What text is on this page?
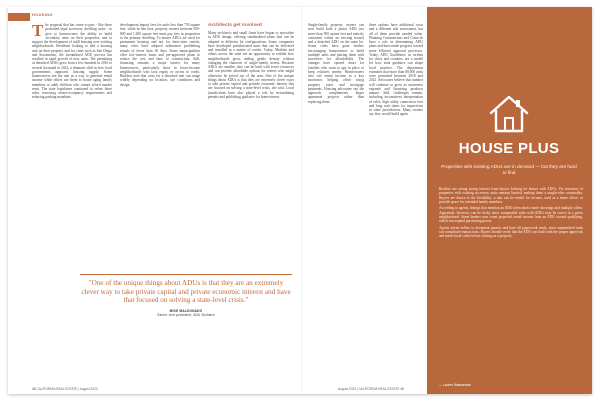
HOUSING
T he proposal that has come to pass - like these permitted legal accessory dwelling units - to give to homeowners the ability to build secondary units on their properties, and to support the development of infill housing over existing neighborhoods. Residents looking to add a housing unit on their property and for cities such as San Diego and Sacramento, the streamlined ADU process has resulted in rapid growth of new units. The permitting of detached ADUs grew from a few hundred in 2016 to several thousand in 2022, a dramatic shift in how local governments approach housing supply. Some homeowners see the unit as a way to generate rental income while others use them to house aging family members or adult children who cannot afford market rents. The state legislature continued to refine these rules, removing owner-occupancy requirements and reducing parking mandates.

development impact fees for units less than 750 square feet, while in San Jose, property owners between 500-800 and 1,200 square feet must pay fees in proportion to the primary dwelling. To ensure ADUs are used for permanent housing and not for short-term rentals, many cities have adopted ordinances prohibiting rentals of fewer than 30 days. Some municipalities offer low-interest loans and pre-approved plans to reduce the cost and time of construction. Still, financing remains a major barrier for many homeowners, particularly those in lower-income neighborhoods who lack equity or access to credit. Builders note that costs for a detached unit can range widely depending on location, site conditions and design.

Architects get involved

Many architects and small firms have begun to specialize in ADU design, offering standardized plans that can be adapted to different lot configurations. Some companies have developed prefabricated units that can be delivered and installed in a matter of weeks. Today, Mathieu and others across the state see an opportunity to rethink how neighborhoods grow, adding gentle density without changing the character of single-family streets. Because ADUs are smaller, they can be built with fewer resources and can provide affordable options for renters who might otherwise be priced out of the area. One of the unique things about ADUs is that they are extremely clever ways to take private capital and provide economic interest that are focused on solving a state-level crisis, she said. Local jurisdictions have also played a role by streamlining permits and publishing guidance for homeowners.

"One of the unique things about ADUs is that they are an extremely clever way to take private capital and private economic interest and have that focused on solving a state-level crisis."
MIKE MALDONADO
Senior vice president, ADU Builders
48 CALIFORNIA REAL ESTATE | August 2023

Single-family property owners can now build both a junior ADU (no more than 500 square feet and entirely contained within an existing house) and a detached ADU on the same lot. Some cities have gone further, encouraging homeowners to build multiple units and pairing them with incentives for affordability. The changes have opened doors for families who want to age in place or keep relatives nearby. Homeowners also cite rental income as a key motivator, helping offset rising property taxes and mortgage payments. Housing advocates say the approach complements larger apartment projects rather than replacing them.

three options have additional costs and a different risk assessment, but all of them provide needed value. Planning Commissions and Councils have a role in determining ADU plans and have made progress toward more efficient approval processes. Today, ADU Guidelines, as written for cities and counties, are a model for how state guidance can shape local practice. The department estimates that more than 80,000 units were permitted between 2018 and 2022. Advocates believe that number will continue to grow as awareness expands and financing products mature. Still, challenges remain, including inconsistent interpretation of rules, high utility connection fees and long wait times for inspections in some jurisdictions. Many owners say they would build again.

August 2023 | CALIFORNIA REAL ESTATE 49
HOUSE PLUS
Properties with existing ADUs are in demand — but they are hard to find

Realtors are seeing strong interest from buyers looking for homes with ADUs. Yet inventory of properties with existing accessory units remains limited, making them a sought-after commodity. Buyers are drawn to the flexibility: a unit can be rented for income, used as a home office, or provide space for extended family members.

According to agents, listings that mention an ADU often attract more showings and multiple offers. Appraisals, however, can be tricky since comparable sales with ADUs may be scarce in a given neighborhood. Some lenders now count projected rental income from an ADU toward qualifying, which can expand purchasing power.

Agents advise sellers to document permits and have all paperwork ready, since unpermitted units can complicate transactions. Buyers should verify that the ADU was built with the proper approvals and meets local codes before closing on a property.

— Lauren Wasserman
